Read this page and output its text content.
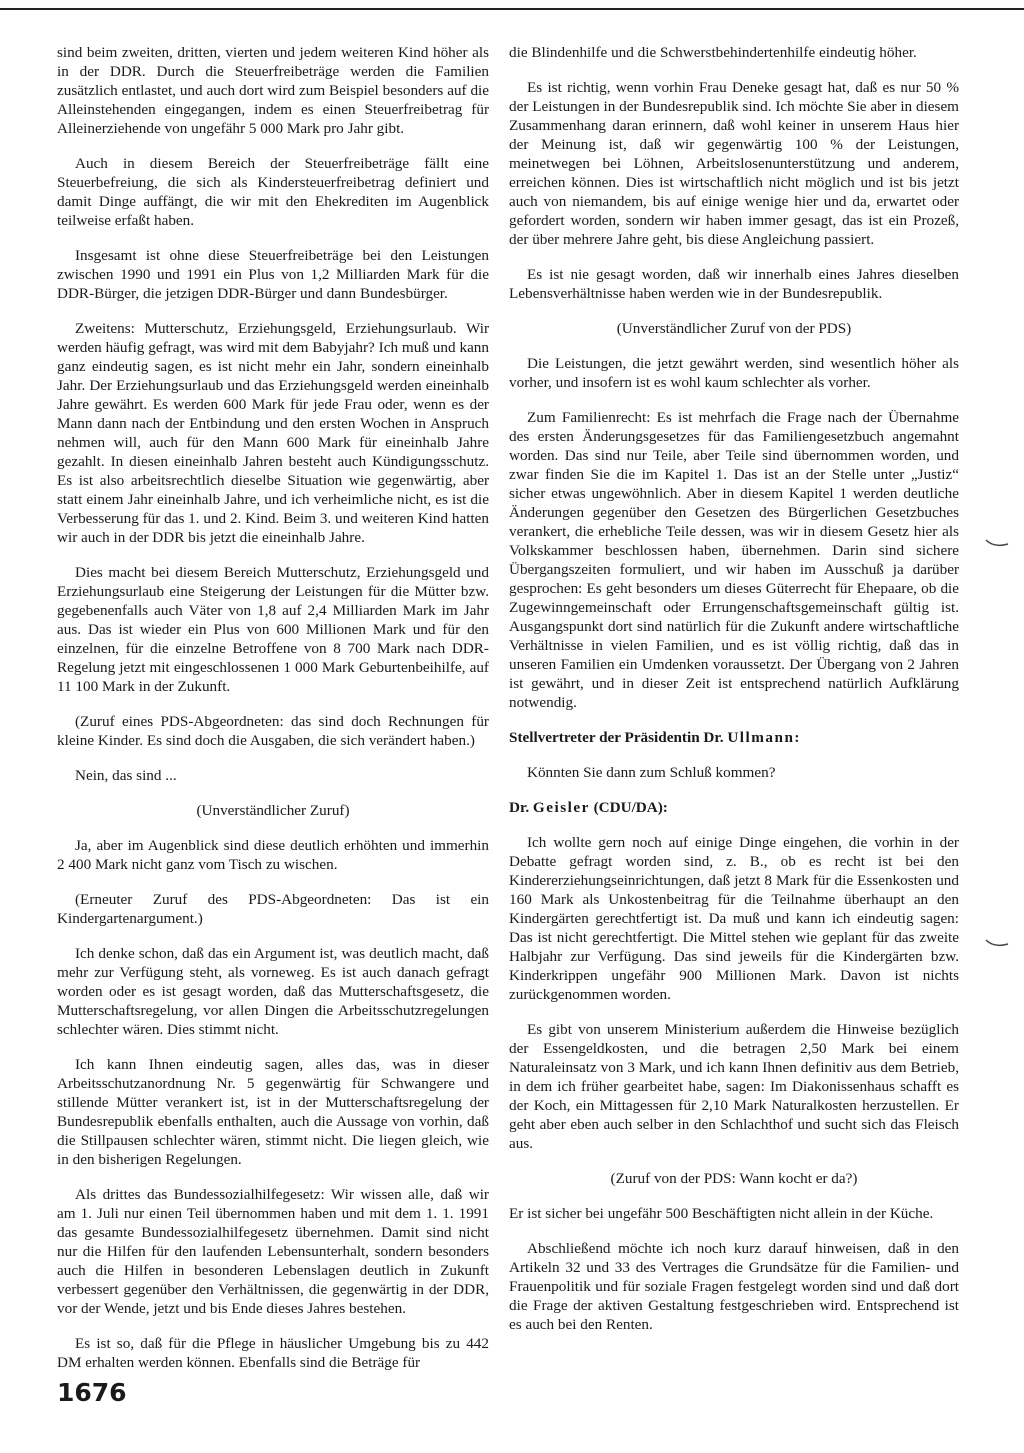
sind beim zweiten, dritten, vierten und jedem weiteren Kind höher als in der DDR. Durch die Steuerfreibeträge werden die Familien zusätzlich entlastet, und auch dort wird zum Beispiel besonders auf die Alleinstehenden eingegangen, indem es einen Steuerfreibetrag für Alleinerziehende von ungefähr 5 000 Mark pro Jahr gibt.

Auch in diesem Bereich der Steuerfreibeträge fällt eine Steuerbefreiung, die sich als Kindersteuerfreibetrag definiert und damit Dinge auffängt, die wir mit den Ehekrediten im Augenblick teilweise erfaßt haben.

Insgesamt ist ohne diese Steuerfreibeträge bei den Leistungen zwischen 1990 und 1991 ein Plus von 1,2 Milliarden Mark für die DDR-Bürger, die jetzigen DDR-Bürger und dann Bundesbürger.

Zweitens: Mutterschutz, Erziehungsgeld, Erziehungsurlaub. Wir werden häufig gefragt, was wird mit dem Babyjahr? Ich muß und kann ganz eindeutig sagen, es ist nicht mehr ein Jahr, sondern eineinhalb Jahr. Der Erziehungsurlaub und das Erziehungsgeld werden eineinhalb Jahre gewährt. Es werden 600 Mark für jede Frau oder, wenn es der Mann dann nach der Entbindung und den ersten Wochen in Anspruch nehmen will, auch für den Mann 600 Mark für eineinhalb Jahre gezahlt. In diesen eineinhalb Jahren besteht auch Kündigungsschutz. Es ist also arbeitsrechtlich dieselbe Situation wie gegenwärtig, aber statt einem Jahr eineinhalb Jahre, und ich verheimliche nicht, es ist die Verbesserung für das 1. und 2. Kind. Beim 3. und weiteren Kind hatten wir auch in der DDR bis jetzt die eineinhalb Jahre.

Dies macht bei diesem Bereich Mutterschutz, Erziehungsgeld und Erziehungsurlaub eine Steigerung der Leistungen für die Mütter bzw. gegebenenfalls auch Väter von 1,8 auf 2,4 Milliarden Mark im Jahr aus. Das ist wieder ein Plus von 600 Millionen Mark und für den einzelnen, für die einzelne Betroffene von 8 700 Mark nach DDR-Regelung jetzt mit eingeschlossenen 1 000 Mark Geburtenbeihilfe, auf 11 100 Mark in der Zukunft.

(Zuruf eines PDS-Abgeordneten: das sind doch Rechnungen für kleine Kinder. Es sind doch die Ausgaben, die sich verändert haben.)

Nein, das sind ...

(Unverständlicher Zuruf)

Ja, aber im Augenblick sind diese deutlich erhöhten und immerhin 2 400 Mark nicht ganz vom Tisch zu wischen.

(Erneuter Zuruf des PDS-Abgeordneten: Das ist ein Kindergartenargument.)

Ich denke schon, daß das ein Argument ist, was deutlich macht, daß mehr zur Verfügung steht, als vorneweg. Es ist auch danach gefragt worden oder es ist gesagt worden, daß das Mutterschaftsgesetz, die Mutterschaftsregelung, vor allen Dingen die Arbeitsschutzregelungen schlechter wären. Dies stimmt nicht.

Ich kann Ihnen eindeutig sagen, alles das, was in dieser Arbeitsschutzanordnung Nr. 5 gegenwärtig für Schwangere und stillende Mütter verankert ist, ist in der Mutterschaftsregelung der Bundesrepublik ebenfalls enthalten, auch die Aussage von vorhin, daß die Stillpausen schlechter wären, stimmt nicht. Die liegen gleich, wie in den bisherigen Regelungen.

Als drittes das Bundessozialhilfegesetz: Wir wissen alle, daß wir am 1. Juli nur einen Teil übernommen haben und mit dem 1. 1. 1991 das gesamte Bundessozialhilfegesetz übernehmen. Damit sind nicht nur die Hilfen für den laufenden Lebensunterhalt, sondern besonders auch die Hilfen in besonderen Lebenslagen deutlich in Zukunft verbessert gegenüber den Verhältnissen, die gegenwärtig in der DDR, vor der Wende, jetzt und bis Ende dieses Jahres bestehen.

Es ist so, daß für die Pflege in häuslicher Umgebung bis zu 442 DM erhalten werden können. Ebenfalls sind die Beträge für

die Blindenhilfe und die Schwerstbehindertenhilfe eindeutig höher.

Es ist richtig, wenn vorhin Frau Deneke gesagt hat, daß es nur 50 % der Leistungen in der Bundesrepublik sind. Ich möchte Sie aber in diesem Zusammenhang daran erinnern, daß wohl keiner in unserem Haus hier der Meinung ist, daß wir gegenwärtig 100 % der Leistungen, meinetwegen bei Löhnen, Arbeitslosenunterstützung und anderem, erreichen können. Dies ist wirtschaftlich nicht möglich und ist bis jetzt auch von niemandem, bis auf einige wenige hier und da, erwartet oder gefordert worden, sondern wir haben immer gesagt, das ist ein Prozeß, der über mehrere Jahre geht, bis diese Angleichung passiert.

Es ist nie gesagt worden, daß wir innerhalb eines Jahres dieselben Lebensverhältnisse haben werden wie in der Bundesrepublik.

(Unverständlicher Zuruf von der PDS)

Die Leistungen, die jetzt gewährt werden, sind wesentlich höher als vorher, und insofern ist es wohl kaum schlechter als vorher.

Zum Familienrecht: Es ist mehrfach die Frage nach der Übernahme des ersten Änderungsgesetzes für das Familiengesetzbuch angemahnt worden. Das sind nur Teile, aber Teile sind übernommen worden, und zwar finden Sie die im Kapitel 1. Das ist an der Stelle unter „Justiz“ sicher etwas ungewöhnlich. Aber in diesem Kapitel 1 werden deutliche Änderungen gegenüber den Gesetzen des Bürgerlichen Gesetzbuches verankert, die erhebliche Teile dessen, was wir in diesem Gesetz hier als Volkskammer beschlossen haben, übernehmen. Darin sind sichere Übergangszeiten formuliert, und wir haben im Ausschuß ja darüber gesprochen: Es geht besonders um dieses Güterrecht für Ehepaare, ob die Zugewinngemeinschaft oder Errungenschaftsgemeinschaft gültig ist. Ausgangspunkt dort sind natürlich für die Zukunft andere wirtschaftliche Verhältnisse in vielen Familien, und es ist völlig richtig, daß das in unseren Familien ein Umdenken voraussetzt. Der Übergang von 2 Jahren ist gewährt, und in dieser Zeit ist entsprechend natürlich Aufklärung notwendig.

Stellvertreter der Präsidentin Dr. Ullmann:

Könnten Sie dann zum Schluß kommen?

Dr. Geisler (CDU/DA):

Ich wollte gern noch auf einige Dinge eingehen, die vorhin in der Debatte gefragt worden sind, z. B., ob es recht ist bei den Kindererziehungseinrichtungen, daß jetzt 8 Mark für die Essenkosten und 160 Mark als Unkostenbeitrag für die Teilnahme überhaupt an den Kindergärten gerechtfertigt ist. Da muß und kann ich eindeutig sagen: Das ist nicht gerechtfertigt. Die Mittel stehen wie geplant für das zweite Halbjahr zur Verfügung. Das sind jeweils für die Kindergärten bzw. Kinderkrippen ungefähr 900 Millionen Mark. Davon ist nichts zurückgenommen worden.

Es gibt von unserem Ministerium außerdem die Hinweise bezüglich der Essengeldkosten, und die betragen 2,50 Mark bei einem Naturaleinsatz von 3 Mark, und ich kann Ihnen definitiv aus dem Betrieb, in dem ich früher gearbeitet habe, sagen: Im Diakonissenhaus schafft es der Koch, ein Mittagessen für 2,10 Mark Naturalkosten herzustellen. Er geht aber eben auch selber in den Schlachthof und sucht sich das Fleisch aus.

(Zuruf von der PDS: Wann kocht er da?)

Er ist sicher bei ungefähr 500 Beschäftigten nicht allein in der Küche.

Abschließend möchte ich noch kurz darauf hinweisen, daß in den Artikeln 32 und 33 des Vertrages die Grundsätze für die Familien- und Frauenpolitik und für soziale Fragen festgelegt worden sind und daß dort die Frage der aktiven Gestaltung festgeschrieben wird. Entsprechend ist es auch bei den Renten.

1676
